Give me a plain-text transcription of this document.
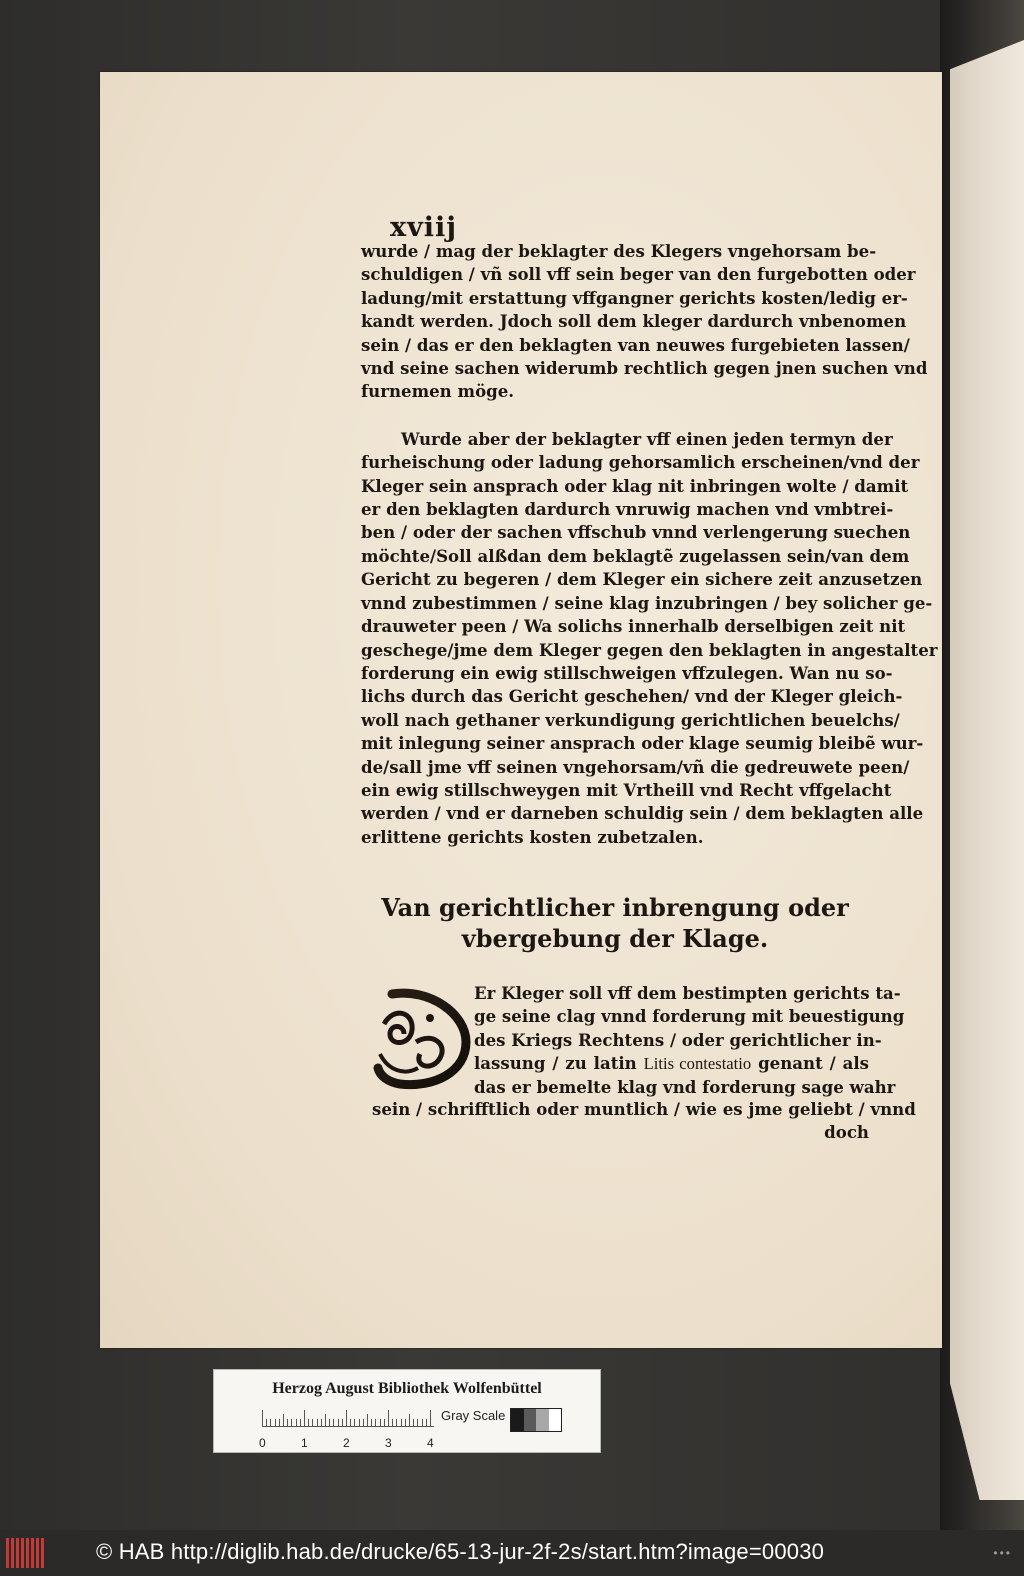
xviij
wurde / mag der beklagter des Klegers vngehorsam be-
schuldigen / vñ soll vff sein beger van den furgebotten oder
ladung/mit erstattung vffgangner gerichts kosten/ledig er-
kandt werden. Jdoch soll dem kleger dardurch vnbenomen
sein / das er den beklagten van neuwes furgebieten lassen/
vnd seine sachen widerumb rechtlich gegen jnen suchen vnd
furnemen möge.
Wurde aber der beklagter vff einen jeden termyn der
furheischung oder ladung gehorsamlich erscheinen/vnd der
Kleger sein ansprach oder klag nit inbringen wolte / damit
er den beklagten dardurch vnruwig machen vnd vmbtrei-
ben / oder der sachen vffschub vnnd verlengerung suechen
möchte/Soll alßdan dem beklagtẽ zugelassen sein/van dem
Gericht zu begeren / dem Kleger ein sichere zeit anzusetzen
vnnd zubestimmen / seine klag inzubringen / bey solicher ge-
drauweter peen / Wa solichs innerhalb derselbigen zeit nit
geschege/jme dem Kleger gegen den beklagten in angestalter
forderung ein ewig stillschweigen vffzulegen. Wan nu so-
lichs durch das Gericht geschehen/ vnd der Kleger gleich-
woll nach gethaner verkundigung gerichtlichen beuelchs/
mit inlegung seiner ansprach oder klage seumig bleibẽ wur-
de/sall jme vff seinen vngehorsam/vñ die gedreuwete peen/
ein ewig stillschweygen mit Vrtheill vnd Recht vffgelacht
werden / vnd er darneben schuldig sein / dem beklagten alle
erlittene gerichts kosten zubetzalen.
Van gerichtlicher inbrengung oder
vbergebung der Klage.
Er Kleger soll vff dem bestimpten gerichts ta-
ge seine clag vnnd forderung mit beuestigung
des Kriegs Rechtens / oder gerichtlicher in-
lassung / zu latin Litis contestatio genant / als
das er bemelte klag vnd forderung sage wahr
sein / schrifftlich oder muntlich / wie es jme geliebt / vnnd
doch
Herzog August Bibliothek Wolfenbüttel
0	1	2	3	4
Gray Scale
© HAB http://diglib.hab.de/drucke/65-13-jur-2f-2s/start.htm?image=00030	•••
